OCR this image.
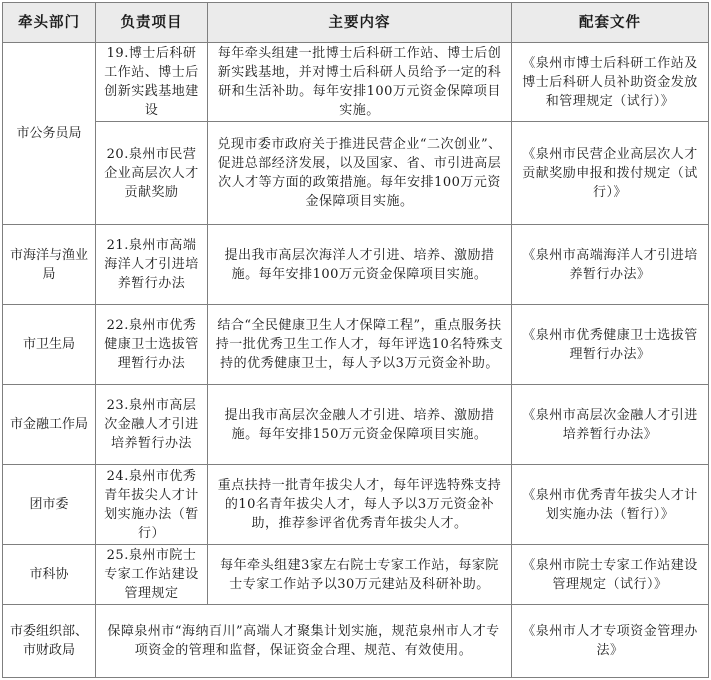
牵头部门	负责项目	主要内容	配套文件
市公务员局	19.博士后科研工作站、博士后创新实践基地建设	每年牵头组建一批博士后科研工作站、博士后创新实践基地，并对博士后科研人员给予一定的科研和生活补助。每年安排100万元资金保障项目实施。	《泉州市博士后科研工作站及博士后科研人员补助资金发放和管理规定（试行）》
	20.泉州市民营企业高层次人才贡献奖励	兑现市委市政府关于推进民营企业“二次创业”、促进总部经济发展，以及国家、省、市引进高层次人才等方面的政策措施。每年安排100万元资金保障项目实施。	《泉州市民营企业高层次人才贡献奖励申报和拨付规定（试行）》
市海洋与渔业局	21.泉州市高端海洋人才引进培养暂行办法	提出我市高层次海洋人才引进、培养、激励措施。每年安排100万元资金保障项目实施。	《泉州市高端海洋人才引进培养暂行办法》
市卫生局	22.泉州市优秀健康卫士选拔管理暂行办法	结合“全民健康卫生人才保障工程”，重点服务扶持一批优秀卫生工作人才，每年评选10名特殊支持的优秀健康卫士，每人予以3万元资金补助。	《泉州市优秀健康卫士选拔管理暂行办法》
市金融工作局	23.泉州市高层次金融人才引进培养暂行办法	提出我市高层次金融人才引进、培养、激励措施。每年安排150万元资金保障项目实施。	《泉州市高层次金融人才引进培养暂行办法》
团市委	24.泉州市优秀青年拔尖人才计划实施办法（暂行）	重点扶持一批青年拔尖人才，每年评选特殊支持的10名青年拔尖人才，每人予以3万元资金补助，推荐参评省优秀青年拔尖人才。	《泉州市优秀青年拔尖人才计划实施办法（暂行）》
市科协	25.泉州市院士专家工作站建设管理规定	每年牵头组建3家左右院士专家工作站，每家院士专家工作站予以30万元建站及科研补助。	《泉州市院士专家工作站建设管理规定（试行）》
市委组织部、市财政局	保障泉州市“海纳百川”高端人才聚集计划实施，规范泉州市人才专项资金的管理和监督，保证资金合理、规范、有效使用。		《泉州市人才专项资金管理办法》
